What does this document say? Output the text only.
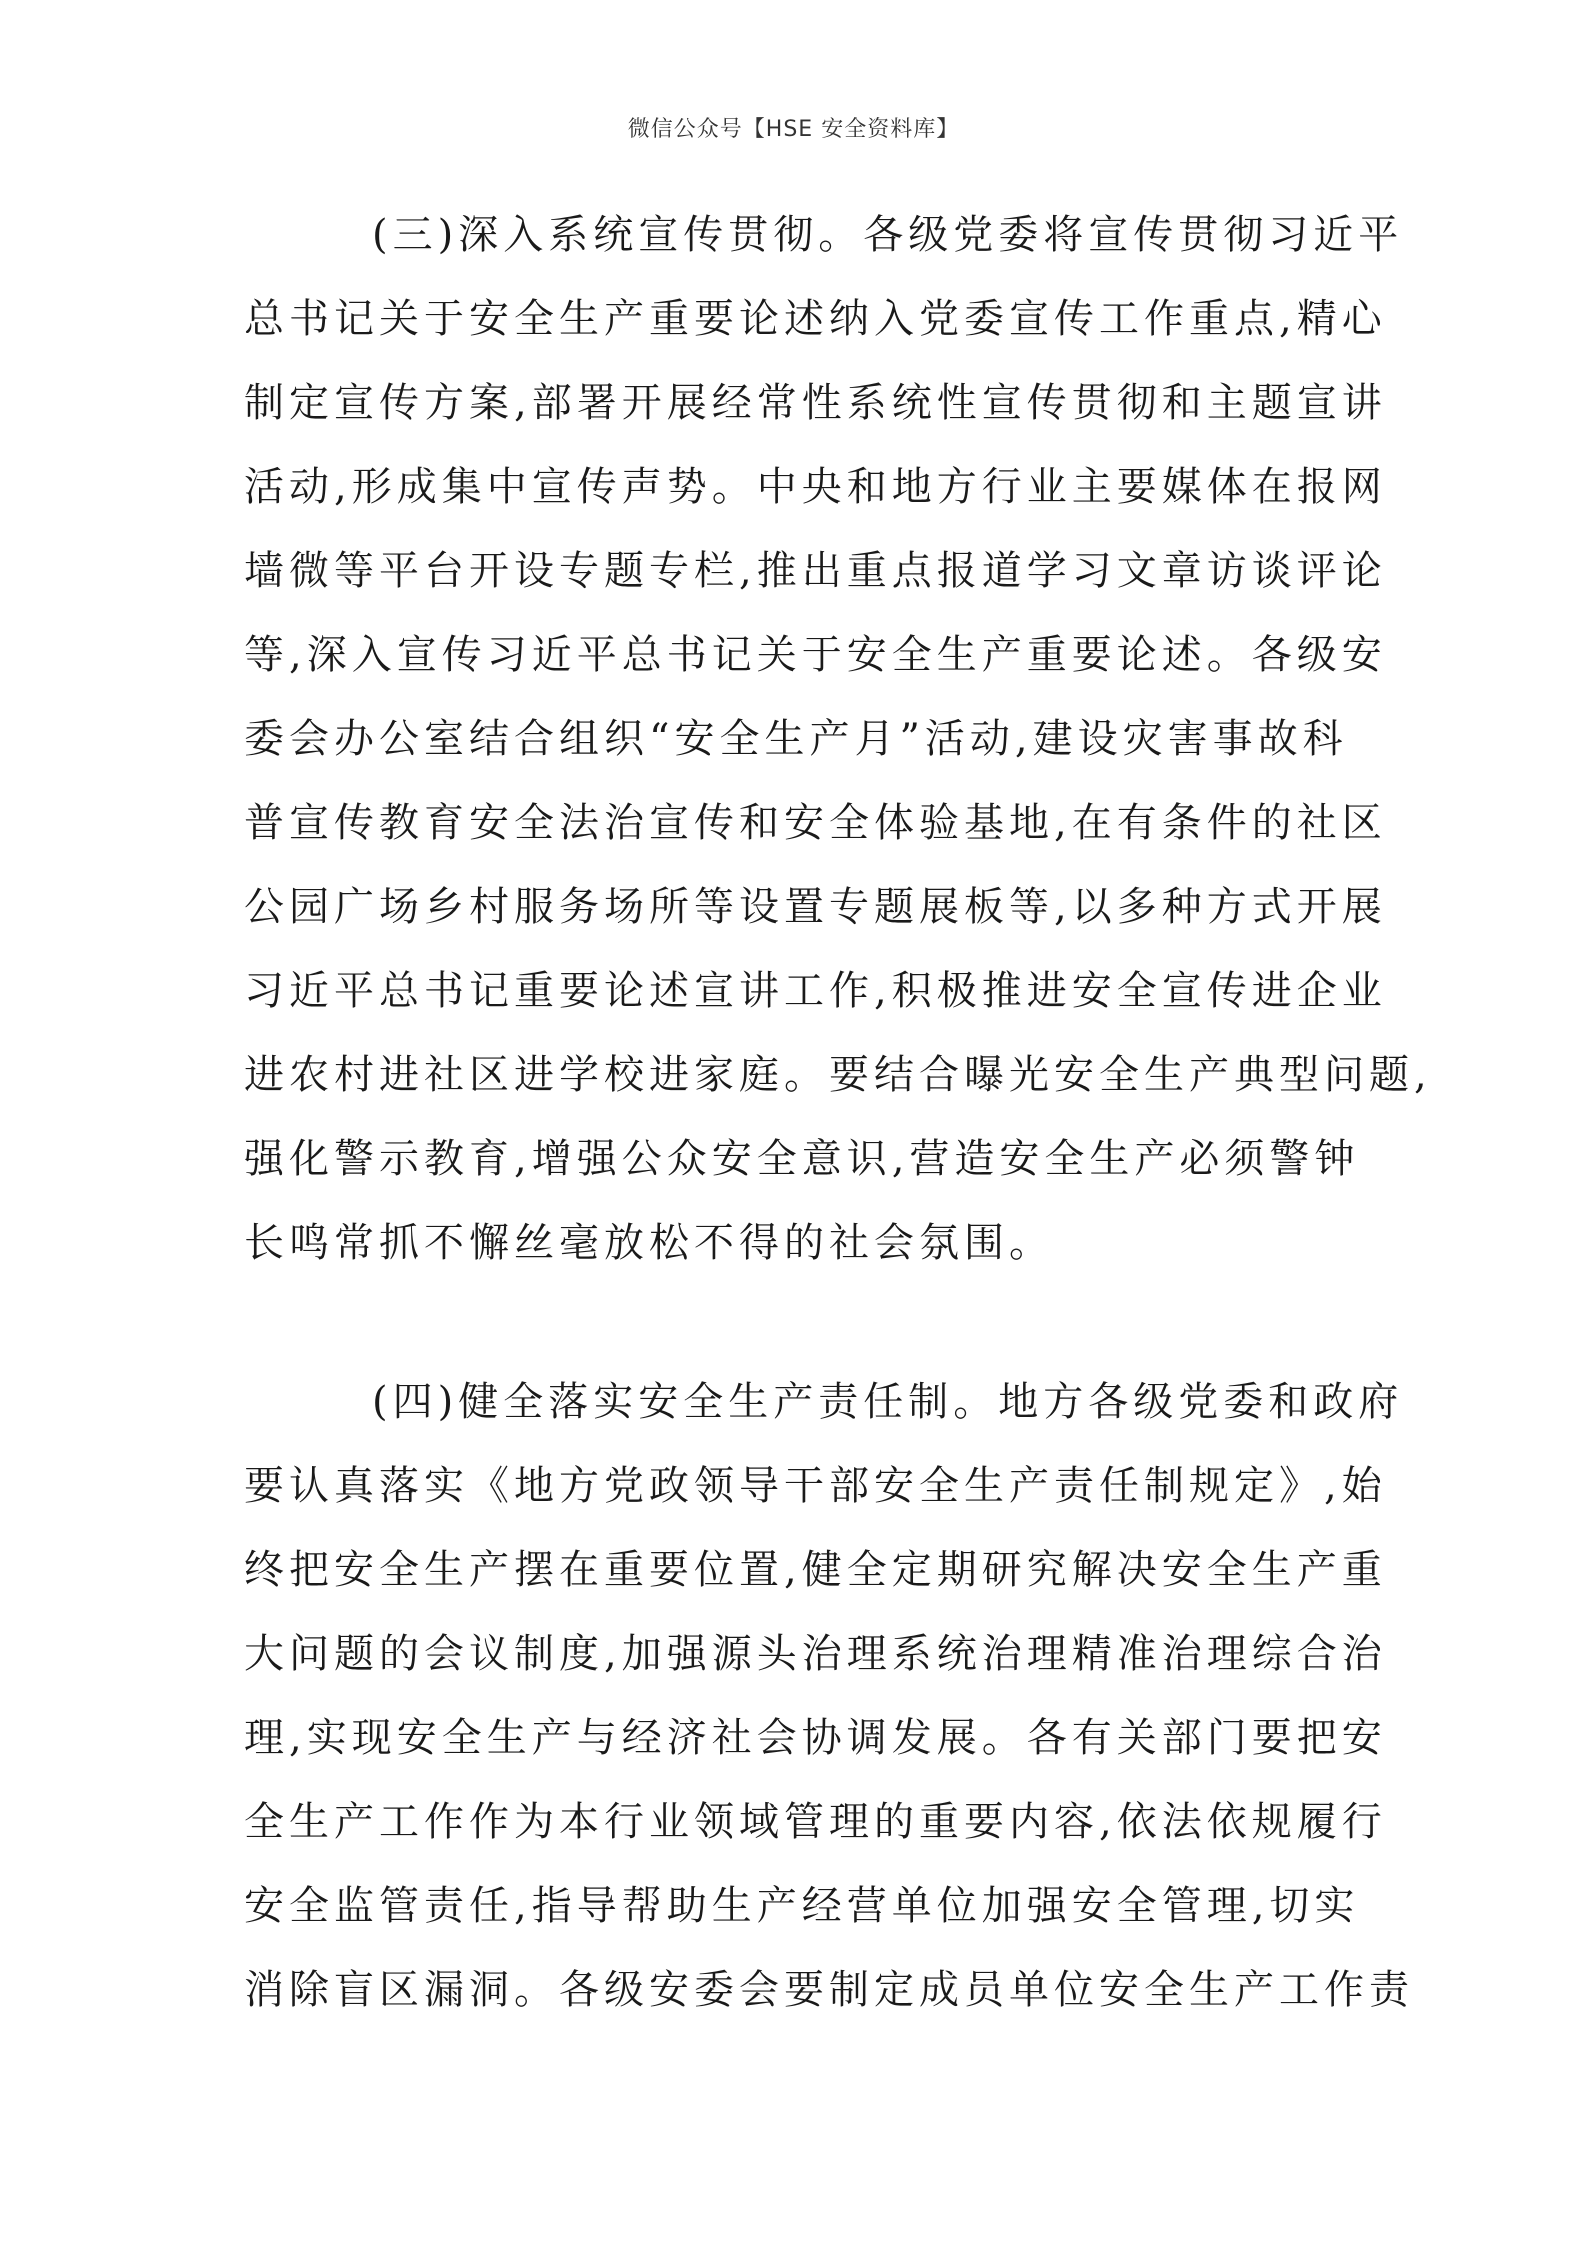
微信公众号【HSE 安全资料库】
(三)深入系统宣传贯彻。各级党委将宣传贯彻习近平
总书记关于安全生产重要论述纳入党委宣传工作重点,精心
制定宣传方案,部署开展经常性系统性宣传贯彻和主题宣讲
活动,形成集中宣传声势。中央和地方行业主要媒体在报网
墙微等平台开设专题专栏,推出重点报道学习文章访谈评论
等,深入宣传习近平总书记关于安全生产重要论述。各级安
委会办公室结合组织“安全生产月”活动,建设灾害事故科
普宣传教育安全法治宣传和安全体验基地,在有条件的社区
公园广场乡村服务场所等设置专题展板等,以多种方式开展
习近平总书记重要论述宣讲工作,积极推进安全宣传进企业
进农村进社区进学校进家庭。要结合曝光安全生产典型问题,
强化警示教育,增强公众安全意识,营造安全生产必须警钟
长鸣常抓不懈丝毫放松不得的社会氛围。
(四)健全落实安全生产责任制。地方各级党委和政府
要认真落实《地方党政领导干部安全生产责任制规定》,始
终把安全生产摆在重要位置,健全定期研究解决安全生产重
大问题的会议制度,加强源头治理系统治理精准治理综合治
理,实现安全生产与经济社会协调发展。各有关部门要把安
全生产工作作为本行业领域管理的重要内容,依法依规履行
安全监管责任,指导帮助生产经营单位加强安全管理,切实
消除盲区漏洞。各级安委会要制定成员单位安全生产工作责
